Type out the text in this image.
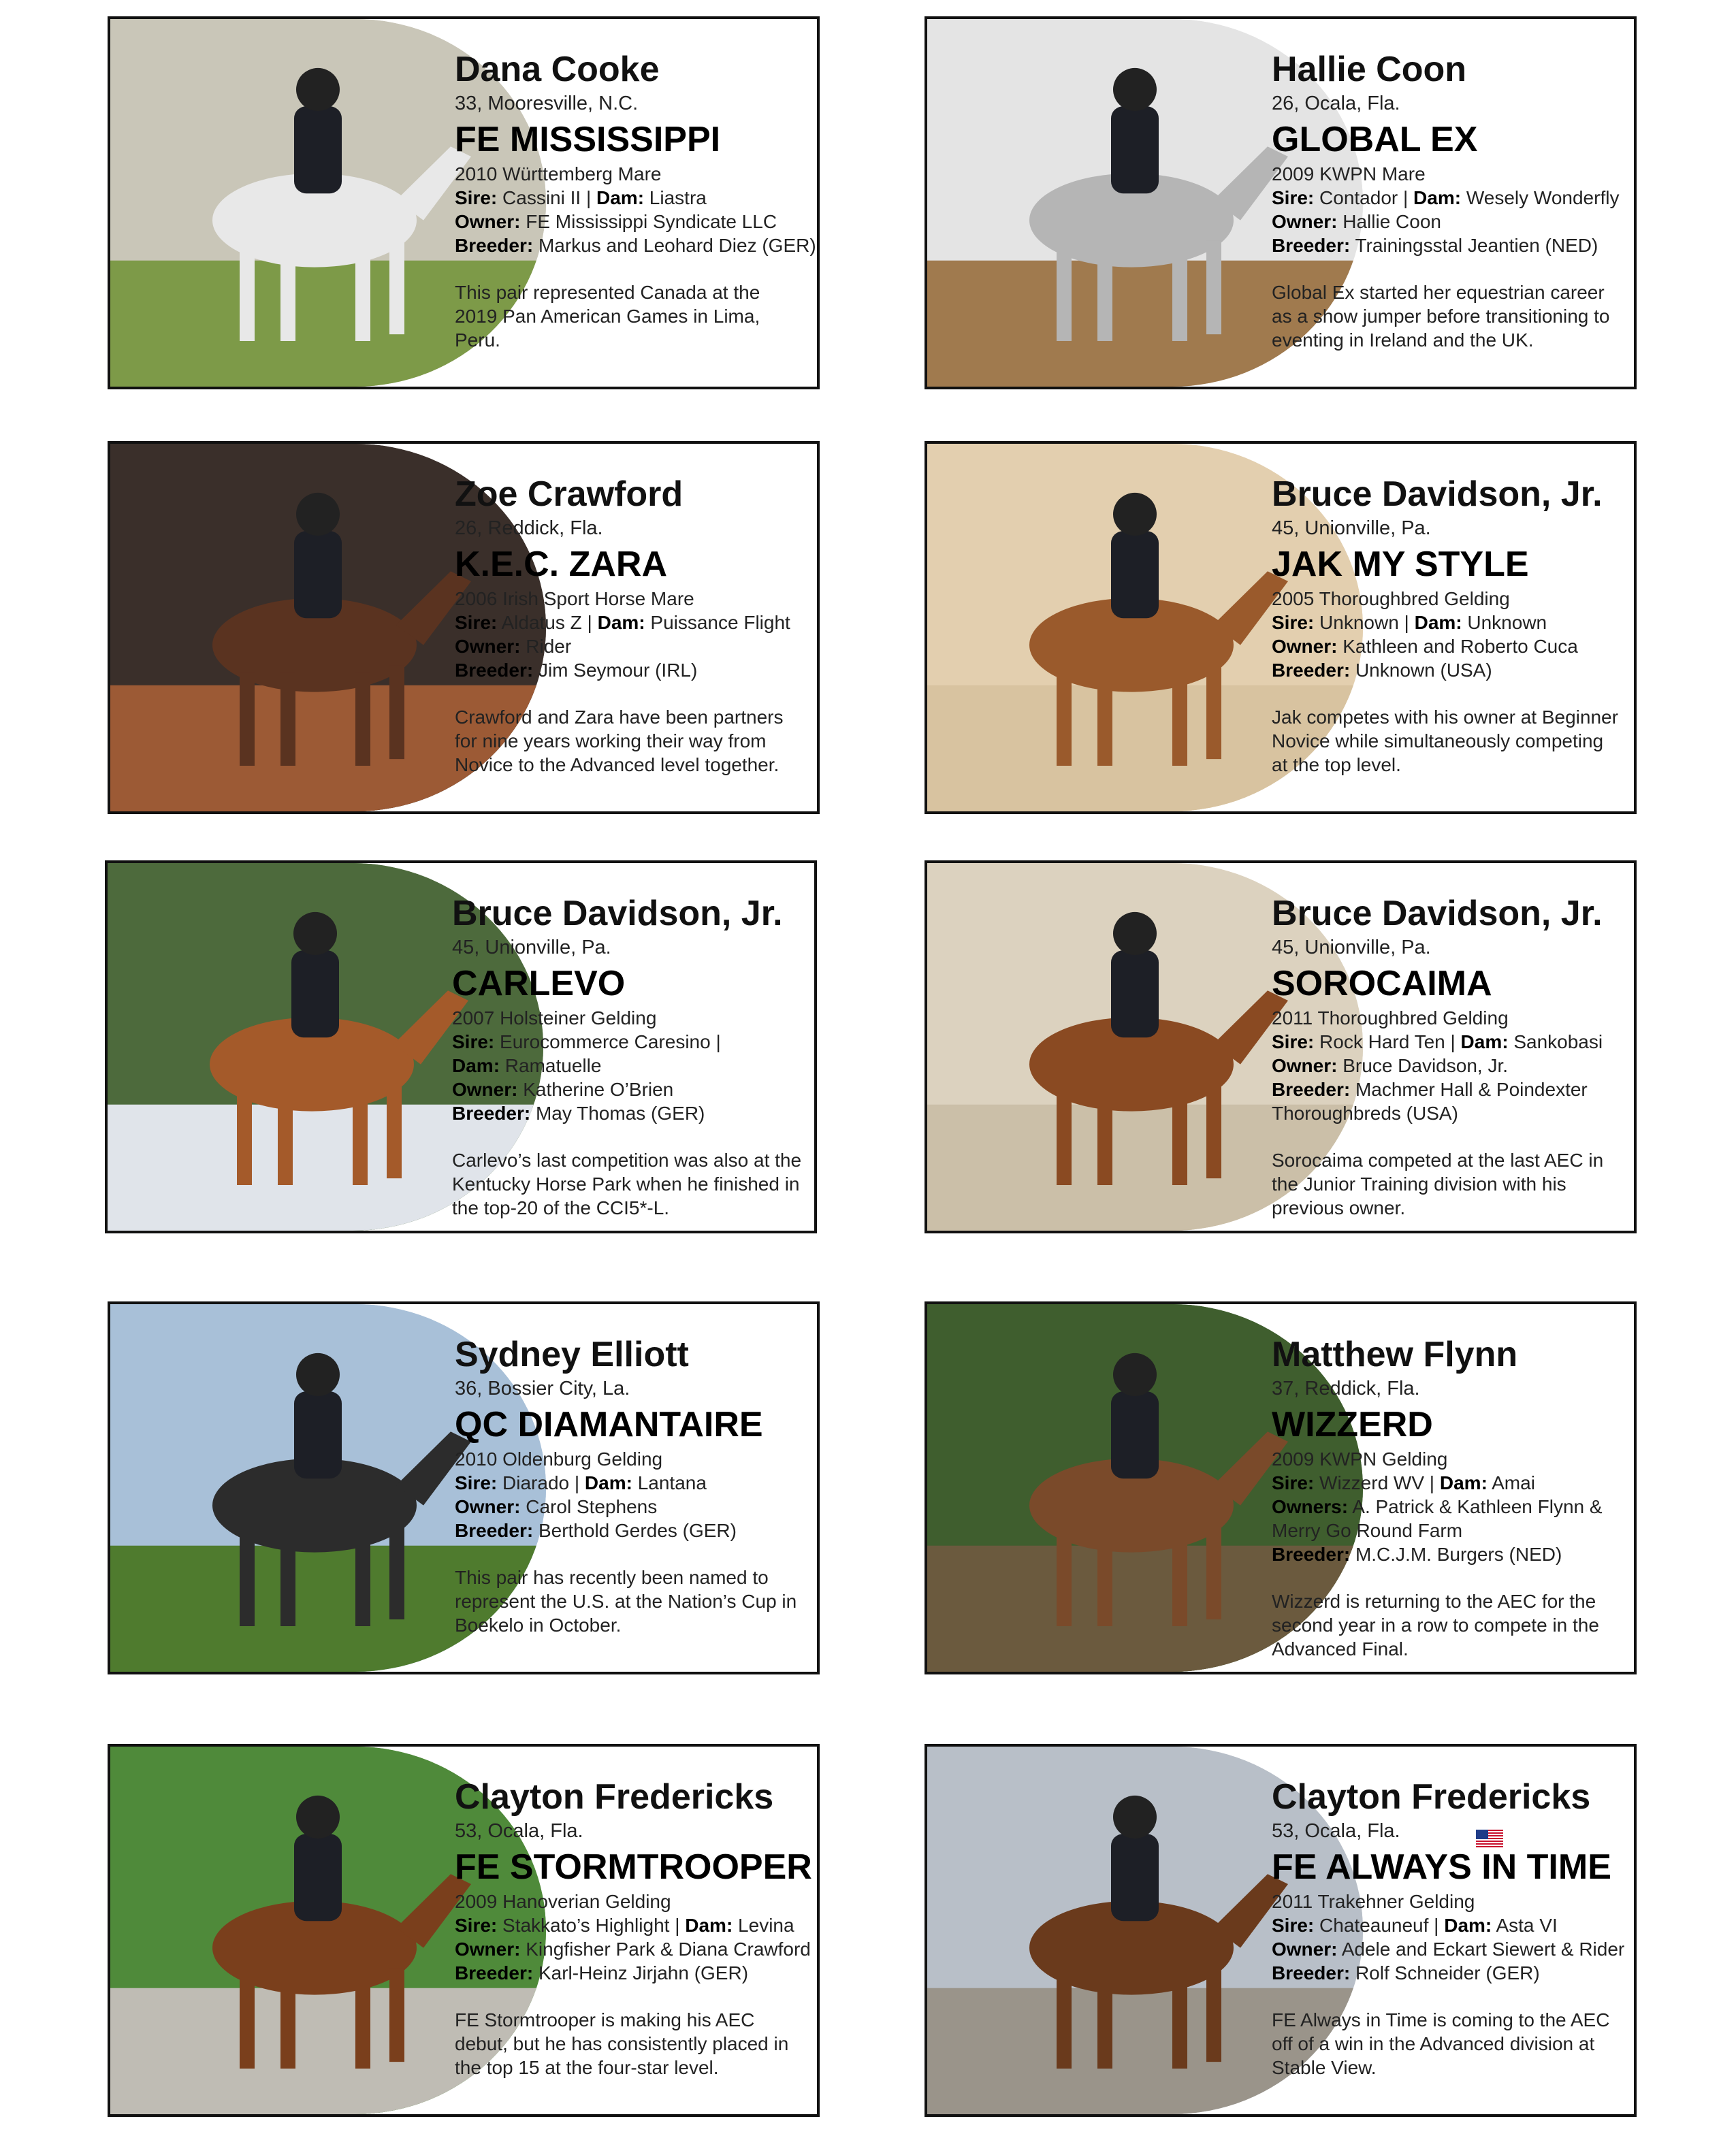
Dana Cooke
33, Mooresville, N.C.
FE MISSISSIPPI
2010 Württemberg Mare
Sire: Cassini II | Dam: Liastra
Owner: FE Mississippi Syndicate LLC
Breeder: Markus and Leohard Diez (GER)
This pair represented Canada at the 2019 Pan American Games in Lima, Peru.
Hallie Coon
26, Ocala, Fla.
GLOBAL EX
2009 KWPN Mare
Sire: Contador | Dam: Wesely Wonderfly
Owner: Hallie Coon
Breeder: Trainingsstal Jeantien (NED)
Global Ex started her equestrian career as a show jumper before transitioning to eventing in Ireland and the UK.
Zoe Crawford
26, Reddick, Fla.
K.E.C. ZARA
2006 Irish Sport Horse Mare
Sire: Aldatus Z | Dam: Puissance Flight
Owner: Rider
Breeder: Jim Seymour (IRL)
Crawford and Zara have been partners for nine years working their way from Novice to the Advanced level together.
Bruce Davidson, Jr.
45, Unionville, Pa.
JAK MY STYLE
2005 Thoroughbred Gelding
Sire: Unknown | Dam: Unknown
Owner: Kathleen and Roberto Cuca
Breeder: Unknown (USA)
Jak competes with his owner at Beginner Novice while simultaneously competing at the top level.
Bruce Davidson, Jr.
45, Unionville, Pa.
CARLEVO
2007 Holsteiner Gelding
Sire: Eurocommerce Caresino |
Dam: Ramatuelle
Owner: Katherine O’Brien
Breeder: May Thomas (GER)
Carlevo’s last competition was also at the Kentucky Horse Park when he finished in the top-20 of the CCI5*-L.
Bruce Davidson, Jr.
45, Unionville, Pa.
SOROCAIMA
2011 Thoroughbred Gelding
Sire: Rock Hard Ten | Dam: Sankobasi
Owner: Bruce Davidson, Jr.
Breeder: Machmer Hall & Poindexter Thoroughbreds (USA)
Sorocaima competed at the last AEC in the Junior Training division with his previous owner.
Sydney Elliott
36, Bossier City, La.
QC DIAMANTAIRE
2010 Oldenburg Gelding
Sire: Diarado | Dam: Lantana
Owner: Carol Stephens
Breeder: Berthold Gerdes (GER)
This pair has recently been named to represent the U.S. at the Nation’s Cup in Boekelo in October.
Matthew Flynn
37, Reddick, Fla.
WIZZERD
2009 KWPN Gelding
Sire: Wizzerd WV | Dam: Amai
Owners: A. Patrick & Kathleen Flynn & Merry Go Round Farm
Breeder: M.C.J.M. Burgers (NED)
Wizzerd is returning to the AEC for the second year in a row to compete in the Advanced Final.
Clayton Fredericks
53, Ocala, Fla.
FE STORMTROOPER
2009 Hanoverian Gelding
Sire: Stakkato’s Highlight | Dam: Levina
Owner: Kingfisher Park & Diana Crawford
Breeder: Karl-Heinz Jirjahn (GER)
FE Stormtrooper is making his AEC debut, but he has consistently placed in the top 15 at the four-star level.
Clayton Fredericks
53, Ocala, Fla.
FE ALWAYS IN TIME
2011 Trakehner Gelding
Sire: Chateauneuf | Dam: Asta VI
Owner: Adele and Eckart Siewert & Rider
Breeder: Rolf Schneider (GER)
FE Always in Time is coming to the AEC off of a win in the Advanced division at Stable View.
